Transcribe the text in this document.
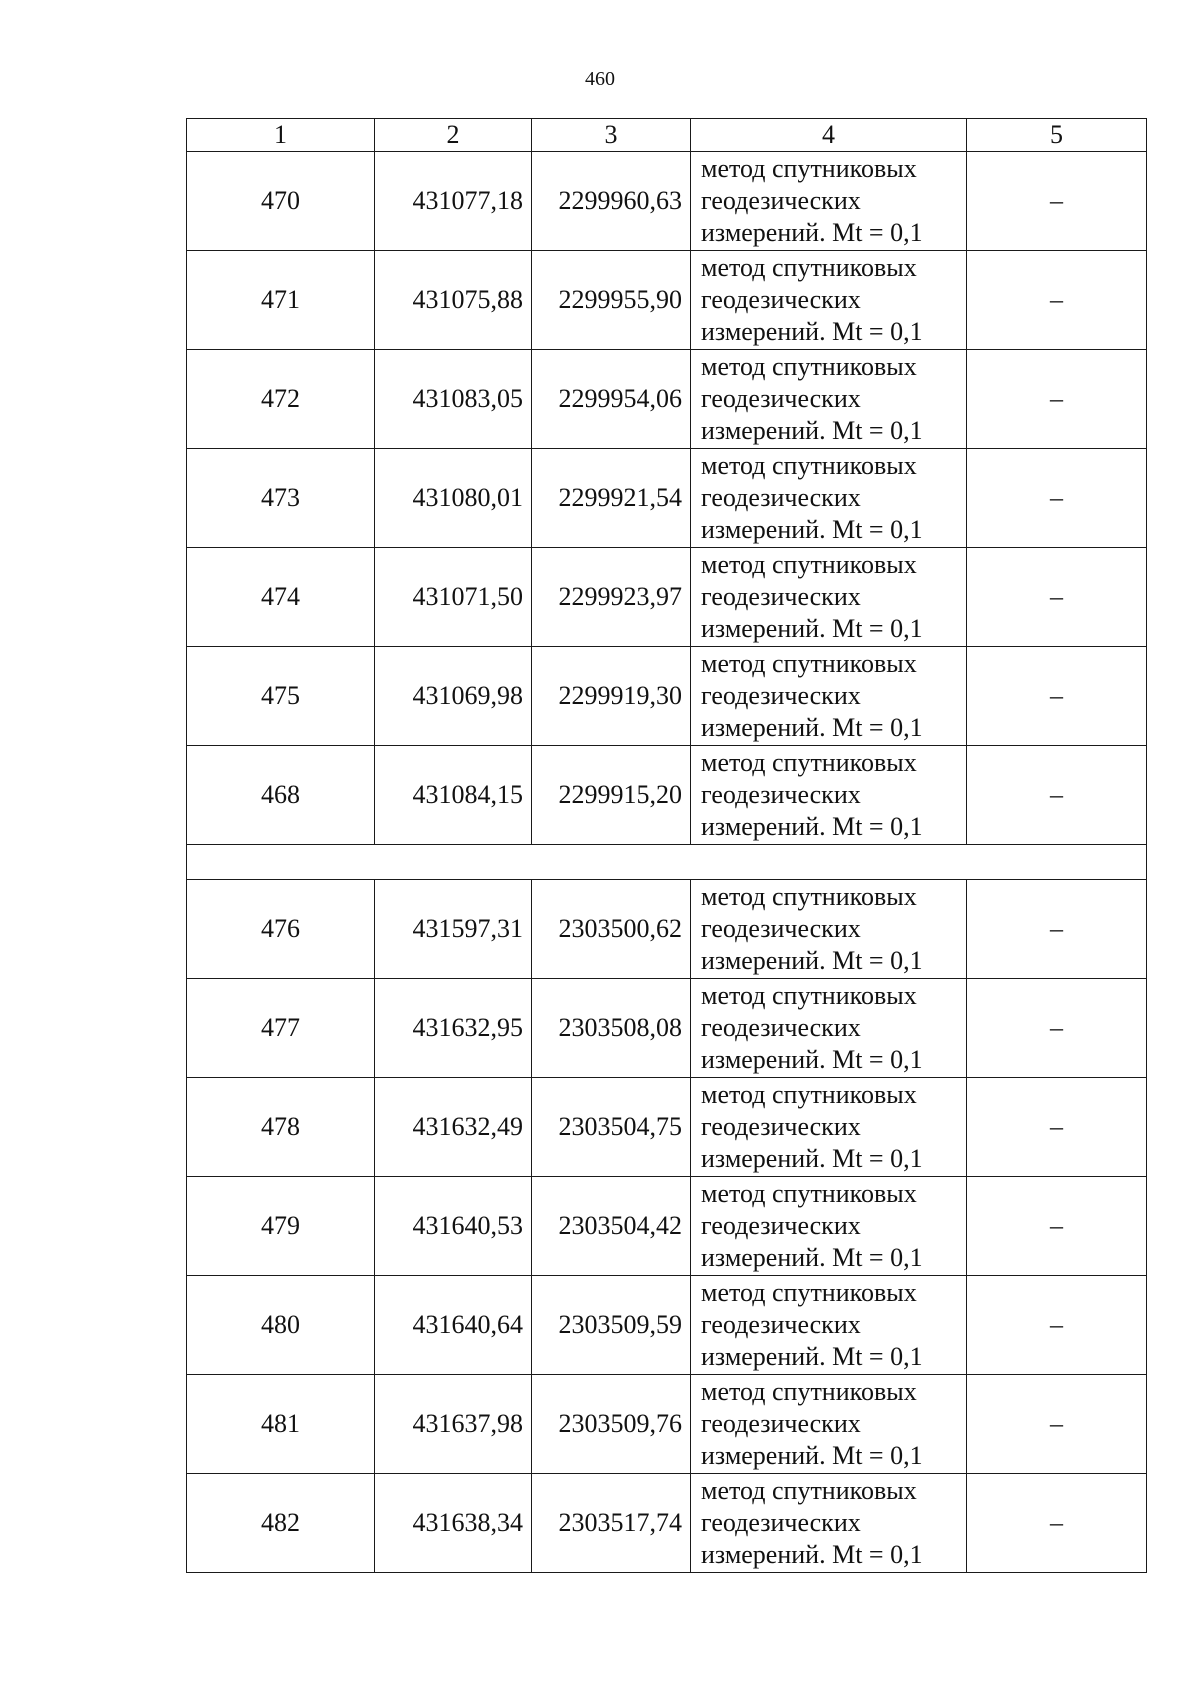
460
1	2	3	4	5
470	431077,18	2299960,63	метод спутниковых
геодезических
измерений. Mt = 0,1	–
471	431075,88	2299955,90	метод спутниковых
геодезических
измерений. Mt = 0,1	–
472	431083,05	2299954,06	метод спутниковых
геодезических
измерений. Mt = 0,1	–
473	431080,01	2299921,54	метод спутниковых
геодезических
измерений. Mt = 0,1	–
474	431071,50	2299923,97	метод спутниковых
геодезических
измерений. Mt = 0,1	–
475	431069,98	2299919,30	метод спутниковых
геодезических
измерений. Mt = 0,1	–
468	431084,15	2299915,20	метод спутниковых
геодезических
измерений. Mt = 0,1	–

476	431597,31	2303500,62	метод спутниковых
геодезических
измерений. Mt = 0,1	–
477	431632,95	2303508,08	метод спутниковых
геодезических
измерений. Mt = 0,1	–
478	431632,49	2303504,75	метод спутниковых
геодезических
измерений. Mt = 0,1	–
479	431640,53	2303504,42	метод спутниковых
геодезических
измерений. Mt = 0,1	–
480	431640,64	2303509,59	метод спутниковых
геодезических
измерений. Mt = 0,1	–
481	431637,98	2303509,76	метод спутниковых
геодезических
измерений. Mt = 0,1	–
482	431638,34	2303517,74	метод спутниковых
геодезических
измерений. Mt = 0,1	–
